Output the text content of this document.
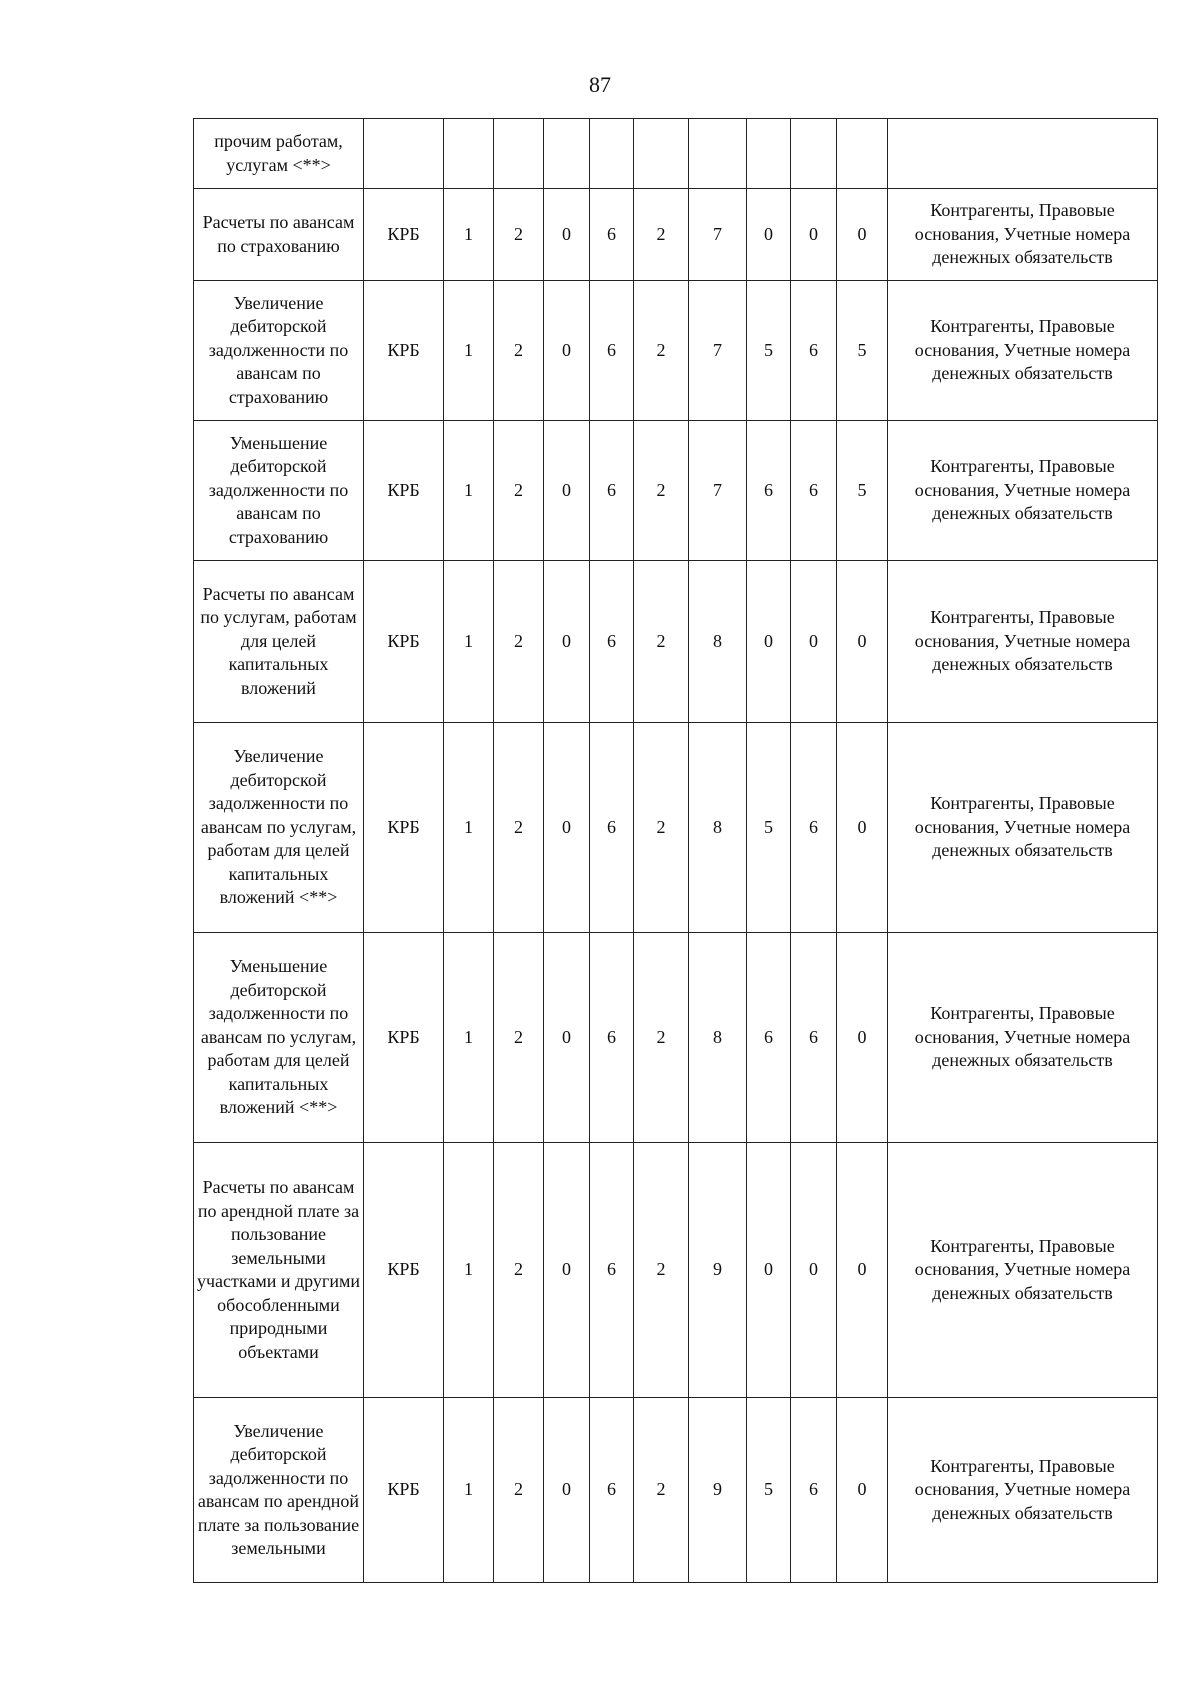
87
прочим работам, услугам <**>											
Расчеты по авансам по страхованию	КРБ	1	2	0	6	2	7	0	0	0	Контрагенты, Правовые основания, Учетные номера денежных обязательств
Увеличение дебиторской задолженности по авансам по страхованию	КРБ	1	2	0	6	2	7	5	6	5	Контрагенты, Правовые основания, Учетные номера денежных обязательств
Уменьшение дебиторской задолженности по авансам по страхованию	КРБ	1	2	0	6	2	7	6	6	5	Контрагенты, Правовые основания, Учетные номера денежных обязательств
Расчеты по авансам по услугам, работам для целей капитальных вложений	КРБ	1	2	0	6	2	8	0	0	0	Контрагенты, Правовые основания, Учетные номера денежных обязательств
Увеличение дебиторской задолженности по авансам по услугам, работам для целей капитальных вложений <**>	КРБ	1	2	0	6	2	8	5	6	0	Контрагенты, Правовые основания, Учетные номера денежных обязательств
Уменьшение дебиторской задолженности по авансам по услугам, работам для целей капитальных вложений <**>	КРБ	1	2	0	6	2	8	6	6	0	Контрагенты, Правовые основания, Учетные номера денежных обязательств
Расчеты по авансам по арендной плате за пользование земельными участками и другими обособленными природными объектами	КРБ	1	2	0	6	2	9	0	0	0	Контрагенты, Правовые основания, Учетные номера денежных обязательств
Увеличение дебиторской задолженности по авансам по арендной плате за пользование земельными	КРБ	1	2	0	6	2	9	5	6	0	Контрагенты, Правовые основания, Учетные номера денежных обязательств
